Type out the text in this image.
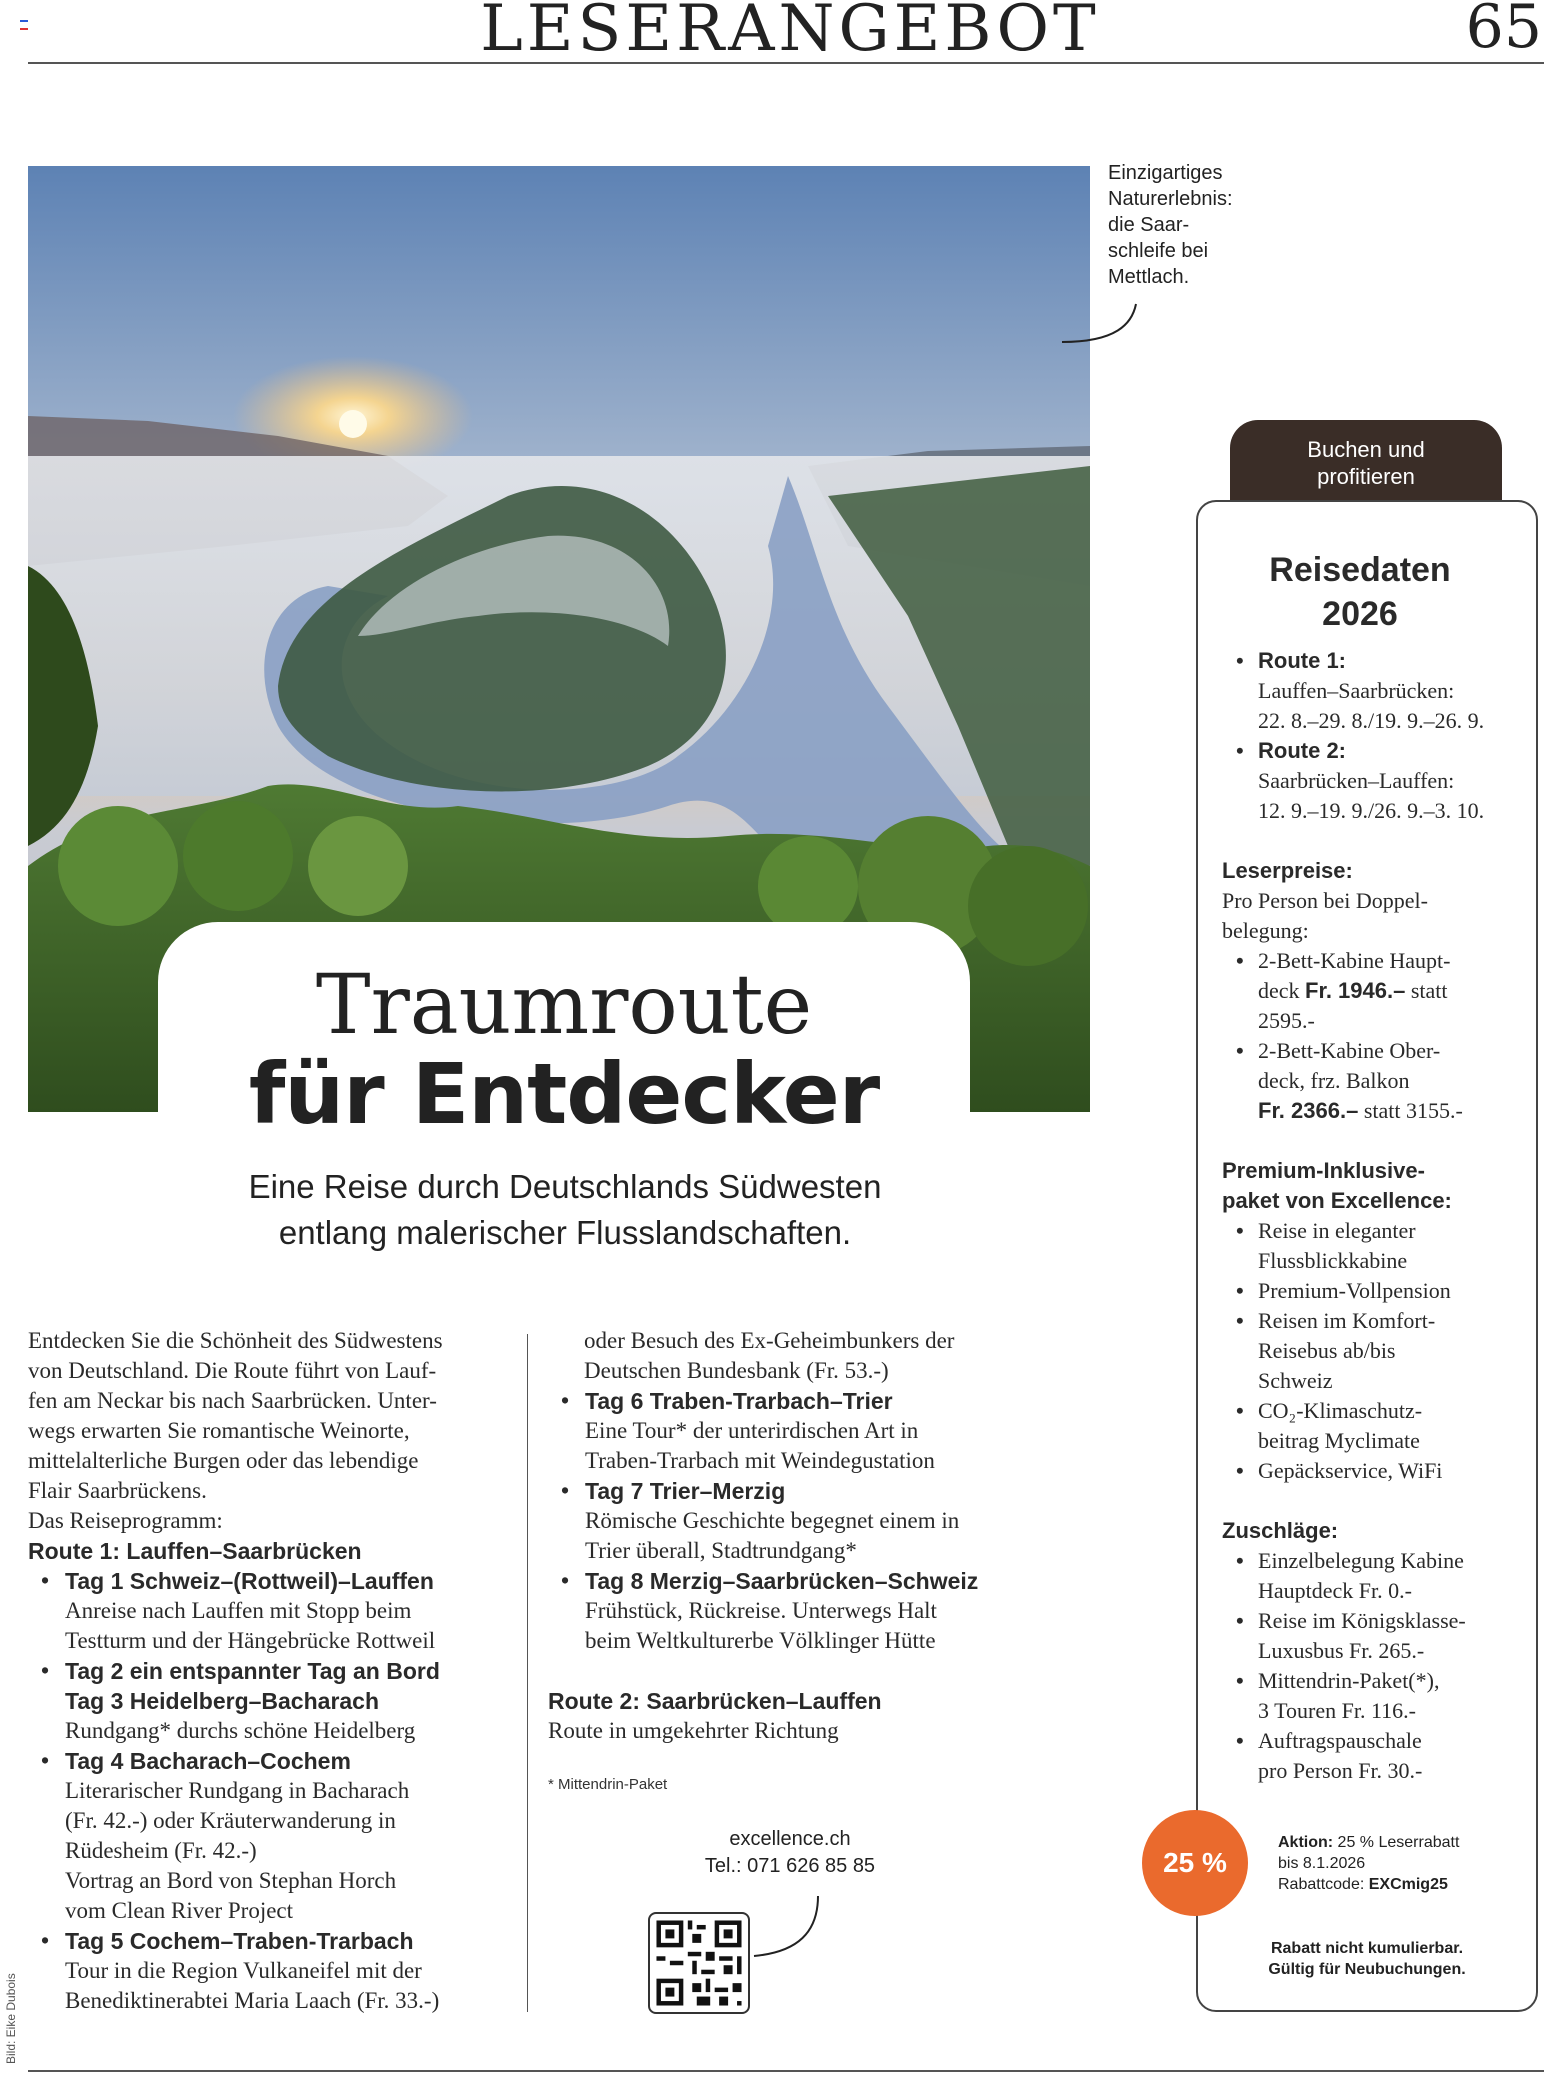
LESERANGEBOT	65
Einzigartiges
Naturerlebnis:
die Saar-
schleife bei
Mettlach.
Traumroute
für Entdecker
Eine Reise durch Deutschlands Südwesten
entlang malerischer Flusslandschaften.
Entdecken Sie die Schönheit des Südwestens
von Deutschland. Die Route führt von Lauf-
fen am Neckar bis nach Saarbrücken. Unter-
wegs erwarten Sie romantische Weinorte,
mittelalterliche Burgen oder das lebendige
Flair Saarbrückens.
Das Reiseprogramm:
Route 1: Lauffen–Saarbrücken
• Tag 1 Schweiz–(Rottweil)–Lauffen
Anreise nach Lauffen mit Stopp beim
Testturm und der Hängebrücke Rottweil
• Tag 2 ein entspannter Tag an Bord
Tag 3 Heidelberg–Bacharach
Rundgang* durchs schöne Heidelberg
• Tag 4 Bacharach–Cochem
Literarischer Rundgang in Bacharach
(Fr. 42.-) oder Kräuterwanderung in
Rüdesheim (Fr. 42.-)
Vortrag an Bord von Stephan Horch
vom Clean River Project
• Tag 5 Cochem–Traben-Trarbach
Tour in die Region Vulkaneifel mit der
Benediktinerabtei Maria Laach (Fr. 33.-)
oder Besuch des Ex-Geheimbunkers der
Deutschen Bundesbank (Fr. 53.-)
• Tag 6 Traben-Trarbach–Trier
Eine Tour* der unterirdischen Art in
Traben-Trarbach mit Weindegustation
• Tag 7 Trier–Merzig
Römische Geschichte begegnet einem in
Trier überall, Stadtrundgang*
• Tag 8 Merzig–Saarbrücken–Schweiz
Frühstück, Rückreise. Unterwegs Halt
beim Weltkulturerbe Völklinger Hütte
Route 2: Saarbrücken–Lauffen
Route in umgekehrter Richtung
* Mittendrin-Paket
excellence.ch
Tel.: 071 626 85 85
Buchen und
profitieren
Reisedaten
2026
• Route 1:
Lauffen–Saarbrücken:
22. 8.–29. 8./19. 9.–26. 9.
• Route 2:
Saarbrücken–Lauffen:
12. 9.–19. 9./26. 9.–3. 10.
Leserpreise:
Pro Person bei Doppel-
belegung:
• 2-Bett-Kabine Haupt-
deck Fr. 1946.– statt
2595.-
• 2-Bett-Kabine Ober-
deck, frz. Balkon
Fr. 2366.– statt 3155.-
Premium-Inklusive-
paket von Excellence:
• Reise in eleganter
Flussblickkabine
• Premium-Vollpension
• Reisen im Komfort-
Reisebus ab/bis
Schweiz
• CO₂-Klimaschutz-
beitrag Myclimate
• Gepäckservice, WiFi
Zuschläge:
• Einzelbelegung Kabine
Hauptdeck Fr. 0.-
• Reise im Königsklasse-
Luxusbus Fr. 265.-
• Mittendrin-Paket(*),
3 Touren Fr. 116.-
• Auftragspauschale
pro Person Fr. 30.-
25 %
Aktion: 25 % Leserrabatt
bis 8.1.2026
Rabattcode: EXCmig25
Rabatt nicht kumulierbar.
Gültig für Neubuchungen.
Bild: Eike Dubois
